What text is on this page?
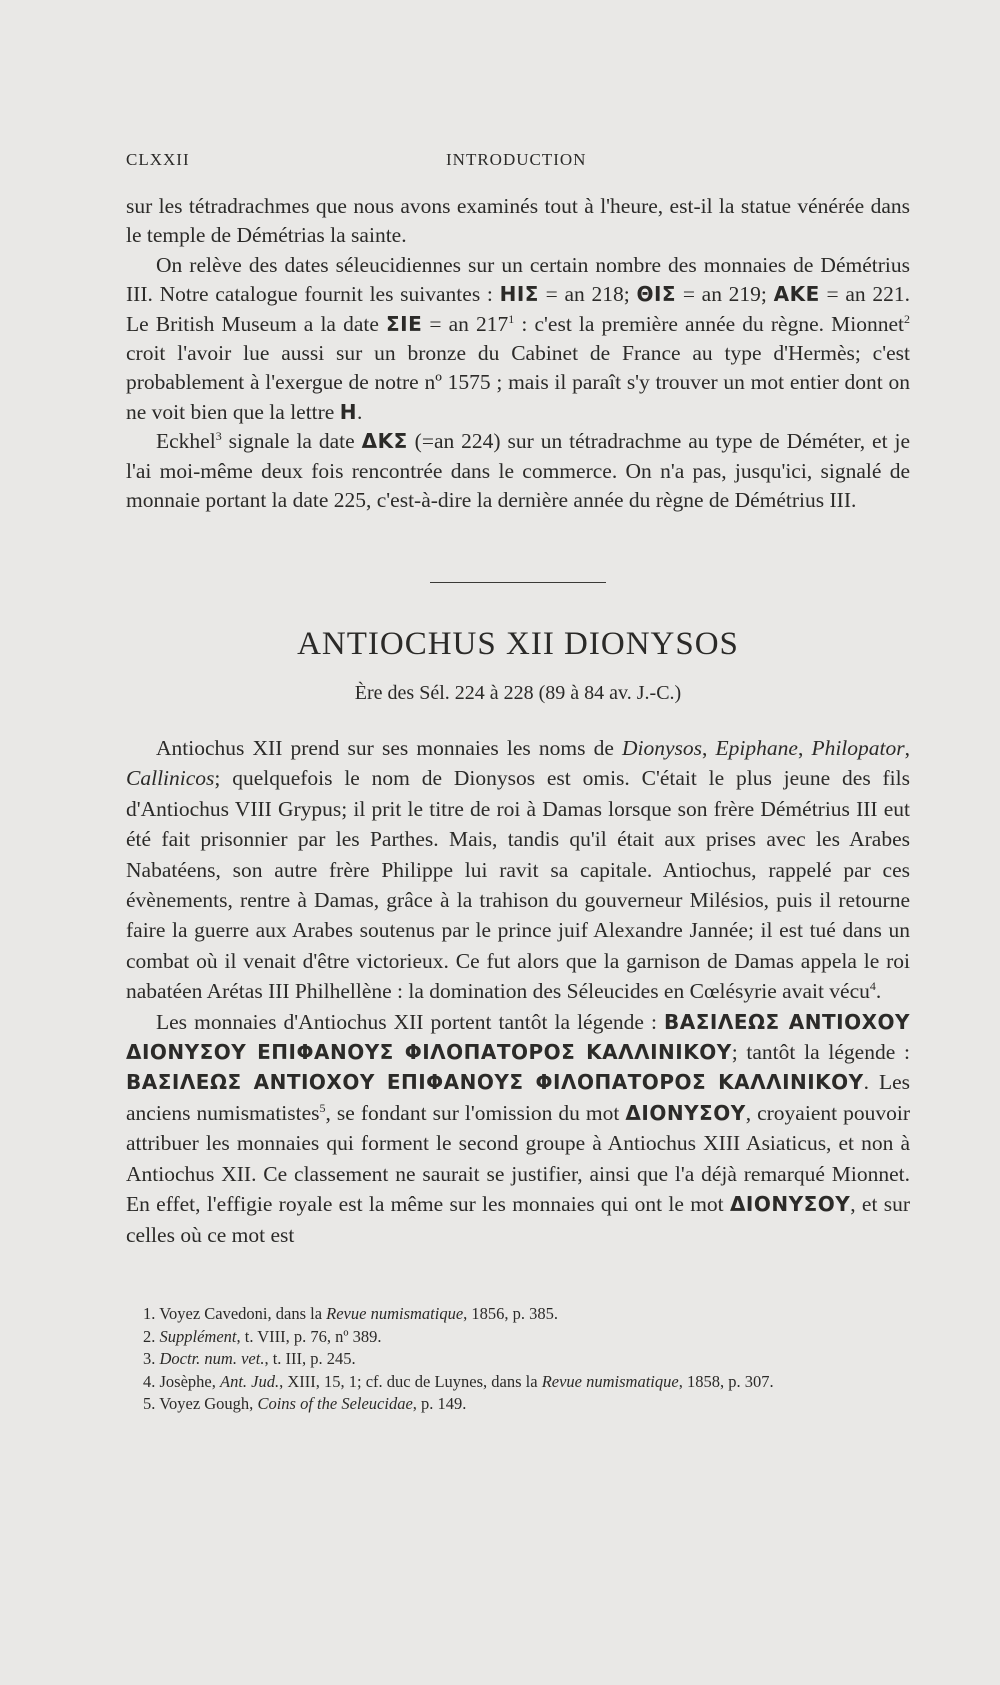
CLXXII	INTRODUCTION

sur les tétradrachmes que nous avons examinés tout à l'heure, est-il la statue vénérée dans le temple de Démétrias la sainte.

On relève des dates séleucidiennes sur un certain nombre des monnaies de Démétrius III. Notre catalogue fournit les suivantes : ΗΙΣ = an 218; ΘΙΣ = an 219; ΑΚΕ = an 221. Le British Museum a la date ΣΙΕ = an $217^1$ : c'est la première année du règne. Mionnet$^2$ croit l'avoir lue aussi sur un bronze du Cabinet de France au type d'Hermès; c'est probablement à l'exergue de notre nº 1575 ; mais il paraît s'y trouver un mot entier dont on ne voit bien que la lettre Η.

Eckhel$^3$ signale la date ΔΚΣ (=an 224) sur un tétradrachme au type de Déméter, et je l'ai moi-même deux fois rencontrée dans le commerce. On n'a pas, jusqu'ici, signalé de monnaie portant la date 225, c'est-à-dire la dernière année du règne de Démétrius III.

ANTIOCHUS XII DIONYSOS
Ère des Sél. 224 à 228 (89 à 84 av. J.-C.)

Antiochus XII prend sur ses monnaies les noms de Dionysos, Epiphane, Philopator, Callinicos; quelquefois le nom de Dionysos est omis. C'était le plus jeune des fils d'Antiochus VIII Grypus; il prit le titre de roi à Damas lorsque son frère Démétrius III eut été fait prisonnier par les Parthes. Mais, tandis qu'il était aux prises avec les Arabes Nabatéens, son autre frère Philippe lui ravit sa capitale. Antiochus, rappelé par ces évènements, rentre à Damas, grâce à la trahison du gouverneur Milésios, puis il retourne faire la guerre aux Arabes soutenus par le prince juif Alexandre Jannée; il est tué dans un combat où il venait d'être victorieux. Ce fut alors que la garnison de Damas appela le roi nabatéen Arétas III Philhellène : la domination des Séleucides en Cœlésyrie avait vécu$^4$.

Les monnaies d'Antiochus XII portent tantôt la légende : ΒΑΣΙΛΕΩΣ ΑΝΤΙΟΧΟΥ ΔΙΟΝΥΣΟΥ ΕΠΙΦΑΝΟΥΣ ΦΙΛΟΠΑΤΟΡΟΣ ΚΑΛΛΙΝΙΚΟΥ; tantôt la légende : ΒΑΣΙΛΕΩΣ ΑΝΤΙΟΧΟΥ ΕΠΙΦΑΝΟΥΣ ΦΙΛΟΠΑΤΟΡΟΣ ΚΑΛΛΙΝΙΚΟΥ. Les anciens numismatistes$^5$, se fondant sur l'omission du mot ΔΙΟΝΥΣΟΥ, croyaient pouvoir attribuer les monnaies qui forment le second groupe à Antiochus XIII Asiaticus, et non à Antiochus XII. Ce classement ne saurait se justifier, ainsi que l'a déjà remarqué Mionnet. En effet, l'effigie royale est la même sur les monnaies qui ont le mot ΔΙΟΝΥΣΟΥ, et sur celles où ce mot est

1. Voyez Cavedoni, dans la Revue numismatique, 1856, p. 385.
2. Supplément, t. VIII, p. 76, nº 389.
3. Doctr. num. vet., t. III, p. 245.
4. Josèphe, Ant. Jud., XIII, 15, 1; cf. duc de Luynes, dans la Revue numismatique, 1858, p. 307.
5. Voyez Gough, Coins of the Seleucidae, p. 149.
